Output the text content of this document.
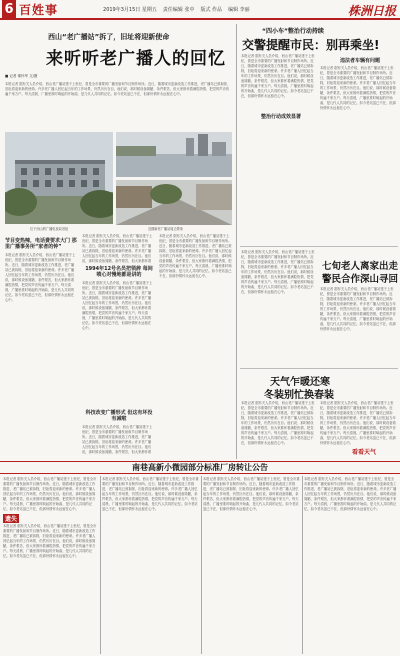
6 百姓事	2019年3月15日 星期五 责任编辑 张中 版式 作品 编辑 李丽	株洲日报
西山“老广播站”拆了，旧址将迎新使命
来听听老广播人的回忆
■ 记者 秦怀华 文/摄
本报记者 据有关人员介绍，西山老广播站建于上世纪，曾是全市重要的广播发射和节目制作场所。近日，随着城市更新改造工作推进，老广播站已被拆除，旧址将迎来新的使命。许多老广播人回忆起当年的工作场景，仍然历历在目。他们说，那时候设备简陋，条件艰苦，但大家都怀着满腔热情，把党的声音传遍千家万户。每天清晨，广播里准时响起的开始曲，是几代人共同的记忆。如今老站虽已不在，但那份情怀永远留在心中。
位于西山的广播电视局旧址	近期新老广播站周边景象
节目变热辣，电话费要求大门 那里广播事务所“家者的钟”
本报记者 据有关人员介绍，西山老广播站建于上世纪，曾是全市重要的广播发射和节目制作场所。近日，随着城市更新改造工作推进，老广播站已被拆除，旧址将迎来新的使命。许多老广播人回忆起当年的工作场景，仍然历历在目。他们说，那时候设备简陋，条件艰苦，但大家都怀着满腔热情，把党的声音传遍千家万户。每天清晨，广播里准时响起的开始曲，是几代人共同的记忆。如今老站虽已不在，但那份情怀永远留在心中。
本报记者 据有关人员介绍，西山老广播站建于上世纪，曾是全市重要的广播发射和节目制作场所。近日，随着城市更新改造工作推进，老广播站已被拆除，旧址将迎来新的使命。许多老广播人回忆起当年的工作场景，仍然历历在目。他们说，那时候设备简陋，条件艰苦，但大家都怀着
1994年12号名员把领辞 每间喷心对慢地都是讲的
本报记者 据有关人员介绍，西山老广播站建于上世纪，曾是全市重要的广播发射和节目制作场所。近日，随着城市更新改造工作推进，老广播站已被拆除，旧址将迎来新的使命。许多老广播人回忆起当年的工作场景，仍然历历在目。他们说，那时候设备简陋，条件艰苦，但大家都怀着满腔热情，把党的声音传遍千家万户。每天清晨，广播里准时响起的开始曲，是几代人共同的记忆。如今老站虽已不在，但那份情怀永远留在心中。
科技改变广播形式 但这有坏没有减啦
本报记者 据有关人员介绍，西山老广播站建于上世纪，曾是全市重要的广播发射和节目制作场所。近日，随着城市更新改造工作推进，老广播站已被拆除，旧址将迎来新的使命。许多老广播人回忆起当年的工作场景，仍然历历在目。他们说，那时候设备简陋，条件艰苦，但大家都怀着
本报记者 据有关人员介绍，西山老广播站建于上世纪，曾是全市重要的广播发射和节目制作场所。近日，随着城市更新改造工作推进，老广播站已被拆除，旧址将迎来新的使命。许多老广播人回忆起当年的工作场景，仍然历历在目。他们说，那时候设备简陋，条件艰苦，但大家都怀着满腔热情，把党的声音传遍千家万户。每天清晨，广播里准时响起的开始曲，是几代人共同的记忆。如今老站虽已不在，但那份情怀永远留在心中。
“四小车”整治行动持续
交警提醒市民：别再乘坐!
本报记者 据有关人员介绍，西山老广播站建于上世纪，曾是全市重要的广播发射和节目制作场所。近日，随着城市更新改造工作推进，老广播站已被拆除，旧址将迎来新的使命。许多老广播人回忆起当年的工作场景，仍然历历在目。他们说，那时候设备简陋，条件艰苦，但大家都怀着满腔热情，把党的声音传遍千家万户。每天清晨，广播里准时响起的开始曲，是几代人共同的记忆。如今老站虽已不在，但那份情怀永远留在心中。
违法者车辆有问题
本报记者 据有关人员介绍，西山老广播站建于上世纪，曾是全市重要的广播发射和节目制作场所。近日，随着城市更新改造工作推进，老广播站已被拆除，旧址将迎来新的使命。许多老广播人回忆起当年的工作场景，仍然历历在目。他们说，那时候设备简陋，条件艰苦，但大家都怀着满腔热情，把党的声音传遍千家万户。每天清晨，广播里准时响起的开始曲，是几代人共同的记忆。如今老站虽已不在，但那份情怀永远留在心中。
整治行动成效显著
本报记者 据有关人员介绍，西山老广播站建于上世纪，曾是全市重要的广播发射和节目制作场所。近日，随着城市更新改造工作推进，老广播站已被拆除，旧址将迎来新的使命。许多老广播人回忆起当年的工作场景，仍然历历在目。他们说，那时候设备简陋，条件艰苦，但大家都怀着满腔热情，把党的声音传遍千家万户。每天清晨，广播里准时响起的开始曲，是几代人共同的记忆。如今老站虽已不在，但那份情怀永远留在心中。
七旬老人离家出走
警民合作深山寻回
本报记者 据有关人员介绍，西山老广播站建于上世纪，曾是全市重要的广播发射和节目制作场所。近日，随着城市更新改造工作推进，老广播站已被拆除，旧址将迎来新的使命。许多老广播人回忆起当年的工作场景，仍然历历在目。他们说，那时候设备简陋，条件艰苦，但大家都怀着满腔热情，把党的声音传遍千家万户。每天清晨，广播里准时响起的开始曲，是几代人共同的记忆。如今老站虽已不在，但那份情怀永远留在心中。
天气乍暖还寒
冬装别忙换春装
本报记者 据有关人员介绍，西山老广播站建于上世纪，曾是全市重要的广播发射和节目制作场所。近日，随着城市更新改造工作推进，老广播站已被拆除，旧址将迎来新的使命。许多老广播人回忆起当年的工作场景，仍然历历在目。他们说，那时候设备简陋，条件艰苦，但大家都怀着满腔热情，把党的声音传遍千家万户。每天清晨，广播里准时响起的开始曲，是几代人共同的记忆。如今老站虽已不在，但那份情怀永远留在心中。
本报记者 据有关人员介绍，西山老广播站建于上世纪，曾是全市重要的广播发射和节目制作场所。近日，随着城市更新改造工作推进，老广播站已被拆除，旧址将迎来新的使命。许多老广播人回忆起当年的工作场景，仍然历历在目。他们说，那时候设备简陋，条件艰苦，但大家都怀着满腔热情，把党的声音传遍千家万户。每天清晨，广播里准时响起的开始曲，是几代人共同的记忆。如今老站虽已不在，但那份情怀永远留在心中。
看看天气
南巷高新小微园部分标准厂房转让公告
本报记者 据有关人员介绍，西山老广播站建于上世纪，曾是全市重要的广播发射和节目制作场所。近日，随着城市更新改造工作推进，老广播站已被拆除，旧址将迎来新的使命。许多老广播人回忆起当年的工作场景，仍然历历在目。他们说，那时候设备简陋，条件艰苦，但大家都怀着满腔热情，把党的声音传遍千家万户。每天清晨，广播里准时响起的开始曲，是几代人共同的记忆。如今老站虽已不在，但那份情怀永远留在心中。
遗失
本报记者 据有关人员介绍，西山老广播站建于上世纪，曾是全市重要的广播发射和节目制作场所。近日，随着城市更新改造工作推进，老广播站已被拆除，旧址将迎来新的使命。许多老广播人回忆起当年的工作场景，仍然历历在目。他们说，那时候设备简陋，条件艰苦，但大家都怀着满腔热情，把党的声音传遍千家万户。每天清晨，广播里准时响起的开始曲，是几代人共同的记忆。如今老站虽已不在，但那份情怀永远留在心中。
本报记者 据有关人员介绍，西山老广播站建于上世纪，曾是全市重要的广播发射和节目制作场所。近日，随着城市更新改造工作推进，老广播站已被拆除，旧址将迎来新的使命。许多老广播人回忆起当年的工作场景，仍然历历在目。他们说，那时候设备简陋，条件艰苦，但大家都怀着满腔热情，把党的声音传遍千家万户。每天清晨，广播里准时响起的开始曲，是几代人共同的记忆。如今老站虽已不在，但那份情怀永远留在心中。
本报记者 据有关人员介绍，西山老广播站建于上世纪，曾是全市重要的广播发射和节目制作场所。近日，随着城市更新改造工作推进，老广播站已被拆除，旧址将迎来新的使命。许多老广播人回忆起当年的工作场景，仍然历历在目。他们说，那时候设备简陋，条件艰苦，但大家都怀着满腔热情，把党的声音传遍千家万户。每天清晨，广播里准时响起的开始曲，是几代人共同的记忆。如今老站虽已不在，但那份情怀永远留在心中。
本报记者 据有关人员介绍，西山老广播站建于上世纪，曾是全市重要的广播发射和节目制作场所。近日，随着城市更新改造工作推进，老广播站已被拆除，旧址将迎来新的使命。许多老广播人回忆起当年的工作场景，仍然历历在目。他们说，那时候设备简陋，条件艰苦，但大家都怀着满腔热情，把党的声音传遍千家万户。每天清晨，广播里准时响起的开始曲，是几代人共同的记忆。如今老站虽已不在，但那份情怀永远留在心中。
